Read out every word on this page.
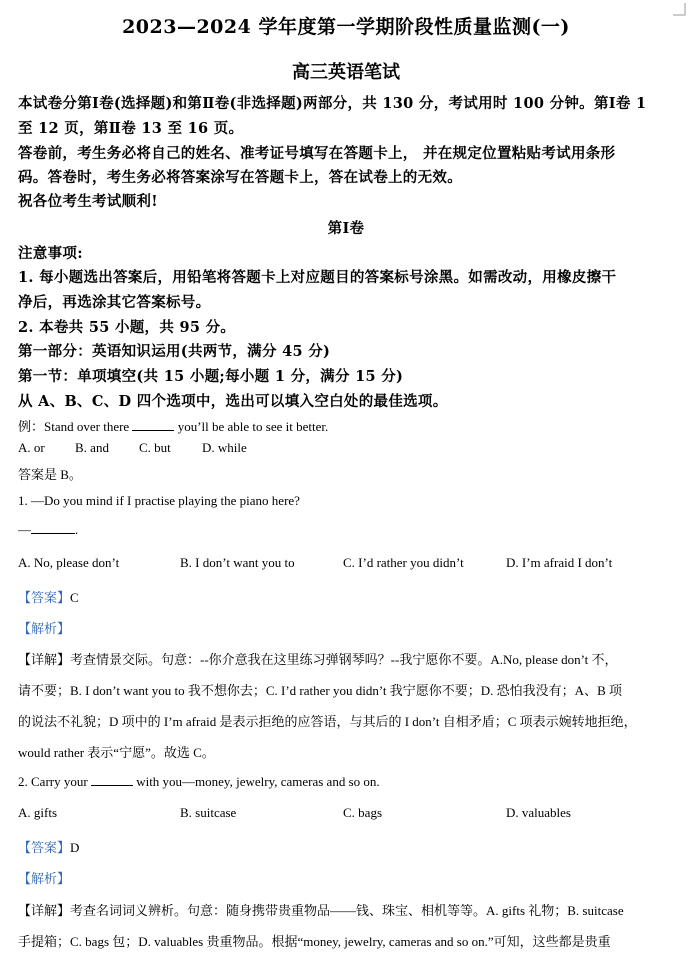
2023—2024 学年度第一学期阶段性质量监测(一)
高三英语笔试
本试卷分第Ⅰ卷(选择题)和第Ⅱ卷(非选择题)两部分，共 130 分，考试用时 100 分钟。第Ⅰ卷 1
至 12 页，第Ⅱ卷 13 至 16 页。
答卷前，考生务必将自己的姓名、准考证号填写在答题卡上， 并在规定位置粘贴考试用条形
码。答卷时，考生务必将答案涂写在答题卡上，答在试卷上的无效。
祝各位考生考试顺利!
第Ⅰ卷
注意事项:
1. 每小题选出答案后，用铅笔将答题卡上对应题目的答案标号涂黑。如需改动，用橡皮擦干
净后，再选涂其它答案标号。
2. 本卷共 55 小题，共 95 分。
第一部分：英语知识运用(共两节，满分 45 分)
第一节：单项填空(共 15 小题;每小题 1 分，满分 15 分)
从 A、B、C、D 四个选项中，选出可以填入空白处的最佳选项。
例：Stand over there	you’ll be able to see it better.
A. or B. and C. but D. while
答案是 B。
1. —Do you mind if I practise playing the piano here?
—	.
A. No, please don’t	B. I don’t want you to	C. I’d rather you didn’t	D. I’m afraid I don’t
【答案】C
【解析】
【详解】考查情景交际。句意：--你介意我在这里练习弹钢琴吗？--我宁愿你不要。A.No, please don’t 不，
请不要；B. I don’t want you to 我不想你去；C. I’d rather you didn’t 我宁愿你不要；D. 恐怕我没有；A、B 项
的说法不礼貌；D 项中的 I’m afraid 是表示拒绝的应答语，与其后的 I don’t 自相矛盾；C 项表示婉转地拒绝，
would rather 表示“宁愿”。故选 C。
2. Carry your	with you—money, jewelry, cameras and so on.
A. gifts	B. suitcase	C. bags	D. valuables
【答案】D
【解析】
【详解】考查名词词义辨析。句意：随身携带贵重物品——钱、珠宝、相机等等。A. gifts 礼物；B. suitcase
手提箱；C. bags 包；D. valuables 贵重物品。根据“money, jewelry, cameras and so on.”可知，这些都是贵重
